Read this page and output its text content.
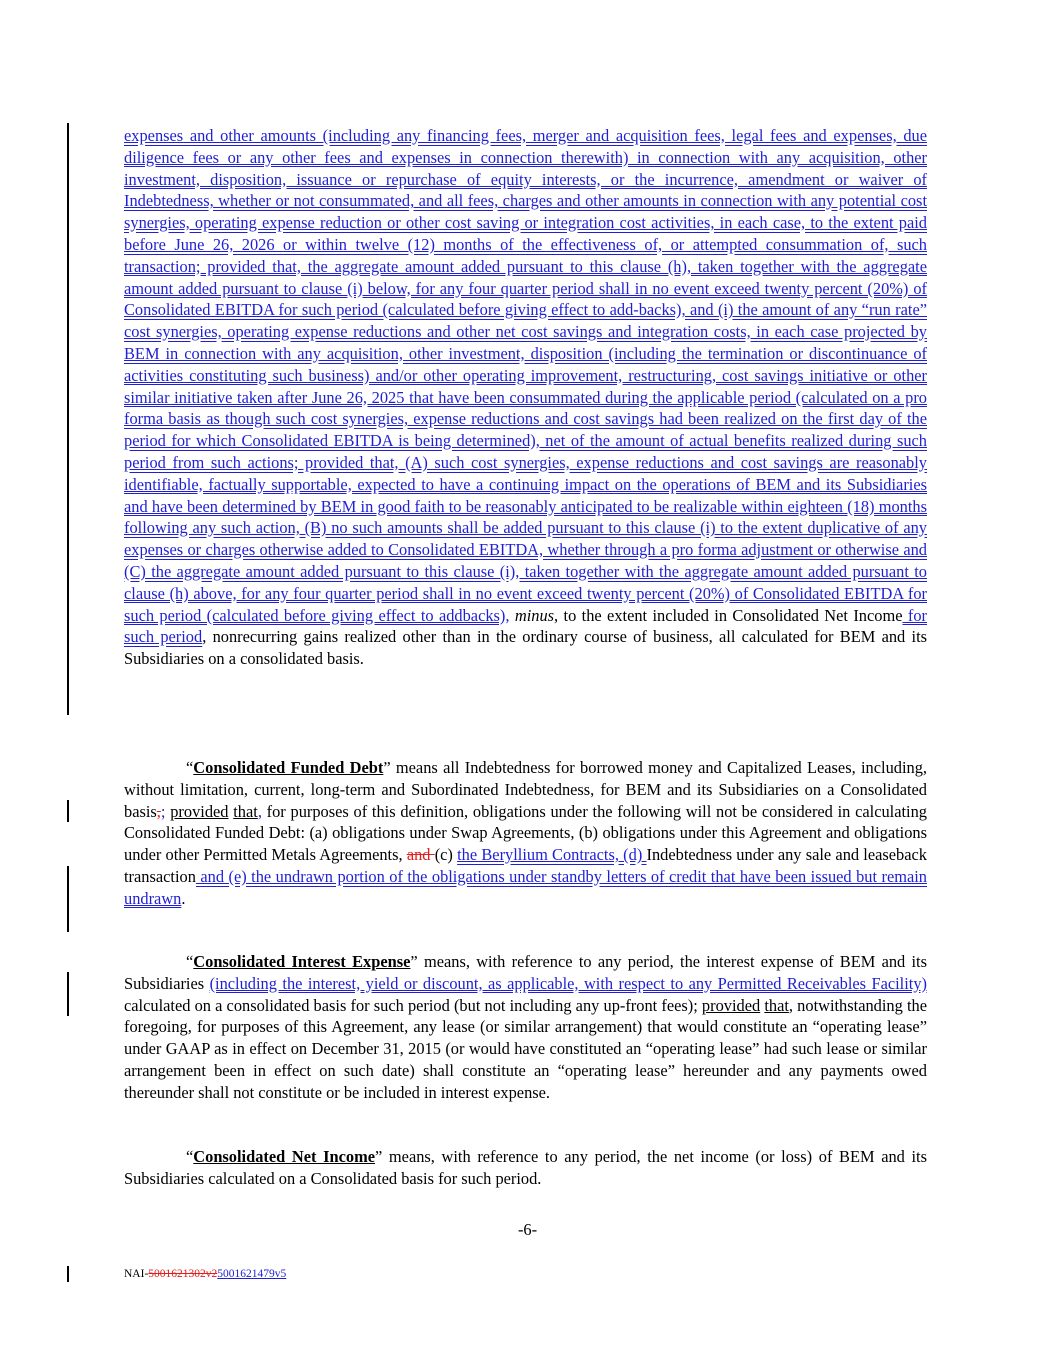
expenses and other amounts (including any financing fees, merger and acquisition fees, legal fees and expenses, due diligence fees or any other fees and expenses in connection therewith) in connection with any acquisition, other investment, disposition, issuance or repurchase of equity interests, or the incurrence, amendment or waiver of Indebtedness, whether or not consummated, and all fees, charges and other amounts in connection with any potential cost synergies, operating expense reduction or other cost saving or integration cost activities, in each case, to the extent paid before June 26, 2026 or within twelve (12) months of the effectiveness of, or attempted consummation of, such transaction; provided that, the aggregate amount added pursuant to this clause (h), taken together with the aggregate amount added pursuant to clause (i) below, for any four quarter period shall in no event exceed twenty percent (20%) of Consolidated EBITDA for such period (calculated before giving effect to add-backs), and (i) the amount of any “run rate” cost synergies, operating expense reductions and other net cost savings and integration costs, in each case projected by BEM in connection with any acquisition, other investment, disposition (including the termination or discontinuance of activities constituting such business) and/or other operating improvement, restructuring, cost savings initiative or other similar initiative taken after June 26, 2025 that have been consummated during the applicable period (calculated on a pro forma basis as though such cost synergies, expense reductions and cost savings had been realized on the first day of the period for which Consolidated EBITDA is being determined), net of the amount of actual benefits realized during such period from such actions; provided that, (A) such cost synergies, expense reductions and cost savings are reasonably identifiable, factually supportable, expected to have a continuing impact on the operations of BEM and its Subsidiaries and have been determined by BEM in good faith to be reasonably anticipated to be realizable within eighteen (18) months following any such action, (B) no such amounts shall be added pursuant to this clause (i) to the extent duplicative of any expenses or charges otherwise added to Consolidated EBITDA, whether through a pro forma adjustment or otherwise and (C) the aggregate amount added pursuant to this clause (i), taken together with the aggregate amount added pursuant to clause (h) above, for any four quarter period shall in no event exceed twenty percent (20%) of Consolidated EBITDA for such period (calculated before giving effect to addbacks), minus, to the extent included in Consolidated Net Income for such period, nonrecurring gains realized other than in the ordinary course of business, all calculated for BEM and its Subsidiaries on a consolidated basis.

“Consolidated Funded Debt” means all Indebtedness for borrowed money and Capitalized Leases, including, without limitation, current, long-term and Subordinated Indebtedness, for BEM and its Subsidiaries on a Consolidated basis,; provided that, for purposes of this definition, obligations under the following will not be considered in calculating Consolidated Funded Debt: (a) obligations under Swap Agreements, (b) obligations under this Agreement and obligations under other Permitted Metals Agreements, and (c) the Beryllium Contracts, (d) Indebtedness under any sale and leaseback transaction and (e) the undrawn portion of the obligations under standby letters of credit that have been issued but remain undrawn.

“Consolidated Interest Expense” means, with reference to any period, the interest expense of BEM and its Subsidiaries (including the interest, yield or discount, as applicable, with respect to any Permitted Receivables Facility) calculated on a consolidated basis for such period (but not including any up-front fees); provided that, notwithstanding the foregoing, for purposes of this Agreement, any lease (or similar arrangement) that would constitute an “operating lease” under GAAP as in effect on December 31, 2015 (or would have constituted an “operating lease” had such lease or similar arrangement been in effect on such date) shall constitute an “operating lease” hereunder and any payments owed thereunder shall not constitute or be included in interest expense.

“Consolidated Net Income” means, with reference to any period, the net income (or loss) of BEM and its Subsidiaries calculated on a Consolidated basis for such period.

-6-
NAI-5001621302v25001621479v5
